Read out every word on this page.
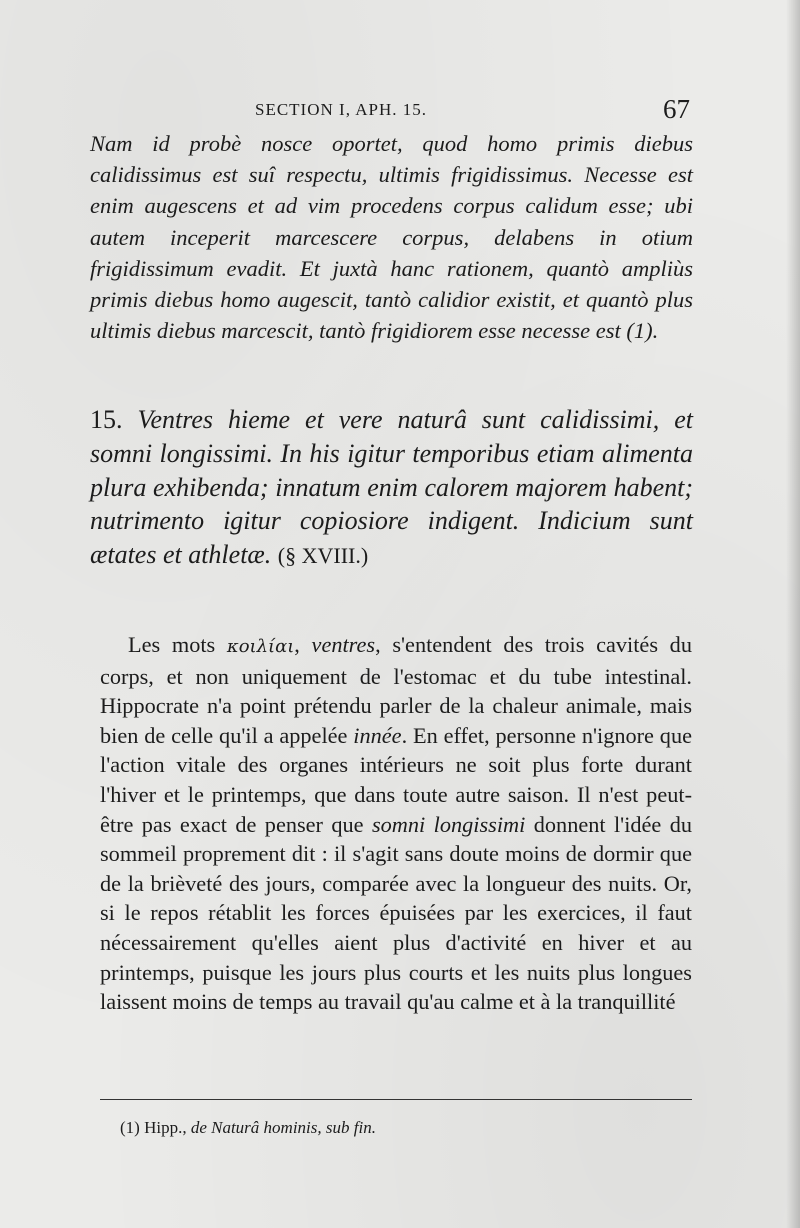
SECTION I, APH. 15.	67
Nam id probè nosce oportet, quod homo primis diebus calidissimus est suî respectu, ultimis frigidissimus. Necesse est enim augescens et ad vim procedens corpus calidum esse; ubi autem inceperit marcescere corpus, delabens in otium frigidissimum evadit. Et juxtà hanc rationem, quantò ampliùs primis diebus homo augescit, tantò calidior existit, et quantò plus ultimis diebus marcescit, tantò frigidiorem esse necesse est (1).
15. Ventres hieme et vere naturâ sunt calidissimi, et somni longissimi. In his igitur temporibus etiam alimenta plura exhibenda; innatum enim calorem majorem habent; nutrimento igitur copiosiore indigent. Indicium sunt ætates et athletæ. (§ XVIII.)

Les mots κοιλίαι, ventres, s'entendent des trois cavités du corps, et non uniquement de l'estomac et du tube intestinal. Hippocrate n'a point prétendu parler de la chaleur animale, mais bien de celle qu'il a appelée innée. En effet, personne n'ignore que l'action vitale des organes intérieurs ne soit plus forte durant l'hiver et le printemps, que dans toute autre saison. Il n'est peut-être pas exact de penser que somni longissimi donnent l'idée du sommeil proprement dit : il s'agit sans doute moins de dormir que de la brièveté des jours, comparée avec la longueur des nuits. Or, si le repos rétablit les forces épuisées par les exercices, il faut nécessairement qu'elles aient plus d'activité en hiver et au printemps, puisque les jours plus courts et les nuits plus longues laissent moins de temps au travail qu'au calme et à la tranquillité

(1) Hipp., de Naturâ hominis, sub fin.
